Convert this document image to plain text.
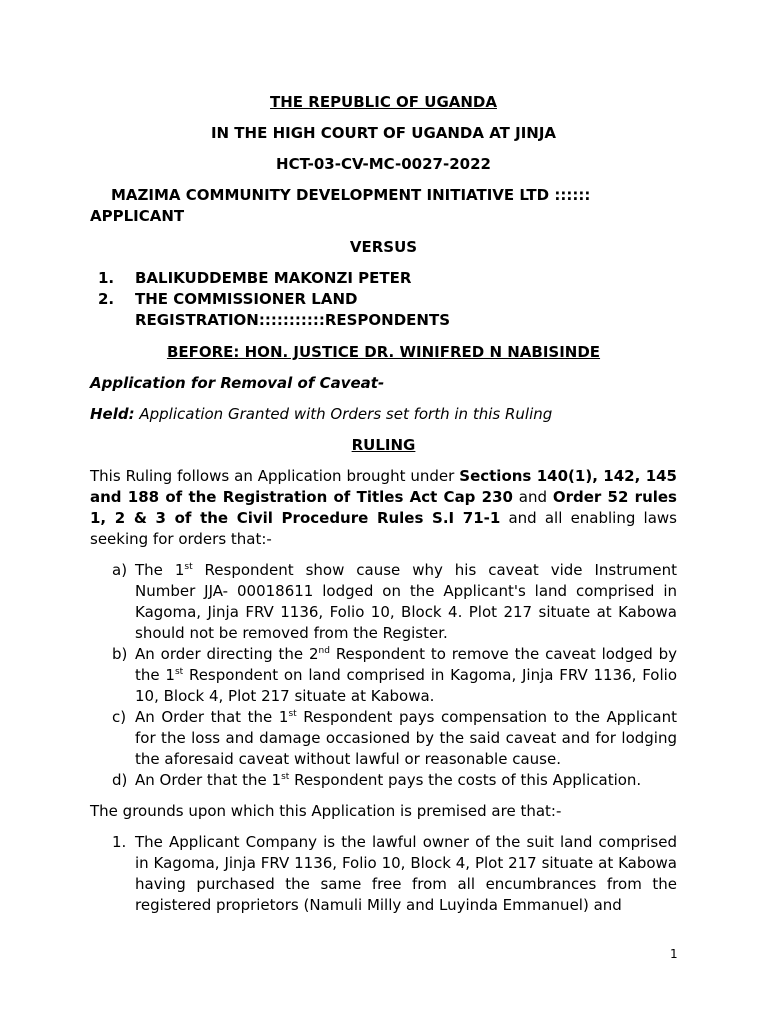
THE REPUBLIC OF UGANDA
IN THE HIGH COURT OF UGANDA AT JINJA
HCT-03-CV-MC-0027-2022
MAZIMA COMMUNITY DEVELOPMENT INITIATIVE LTD :::::: APPLICANT
VERSUS
1.	BALIKUDDEMBE MAKONZI PETER
2.	THE COMMISSIONER LAND REGISTRATION:::::::::::RESPONDENTS
BEFORE: HON. JUSTICE DR. WINIFRED N NABISINDE
Application for Removal of Caveat-
Held: Application Granted with Orders set forth in this Ruling
RULING

This Ruling follows an Application brought under Sections 140(1), 142, 145 and 188 of the Registration of Titles Act Cap 230 and Order 52 rules 1, 2 & 3 of the Civil Procedure Rules S.I 71-1 and all enabling laws seeking for orders that:-

a) The 1st Respondent show cause why his caveat vide Instrument Number JJA- 00018611 lodged on the Applicant's land comprised in Kagoma, Jinja FRV 1136, Folio 10, Block 4. Plot 217 situate at Kabowa should not be removed from the Register.
b) An order directing the 2nd Respondent to remove the caveat lodged by the 1st Respondent on land comprised in Kagoma, Jinja FRV 1136, Folio 10, Block 4, Plot 217 situate at Kabowa.
c) An Order that the 1st Respondent pays compensation to the Applicant for the loss and damage occasioned by the said caveat and for lodging the aforesaid caveat without lawful or reasonable cause.
d) An Order that the 1st Respondent pays the costs of this Application.

The grounds upon which this Application is premised are that:-

1. The Applicant Company is the lawful owner of the suit land comprised in Kagoma, Jinja FRV 1136, Folio 10, Block 4, Plot 217 situate at Kabowa having purchased the same free from all encumbrances from the registered proprietors (Namuli Milly and Luyinda Emmanuel) and
1
